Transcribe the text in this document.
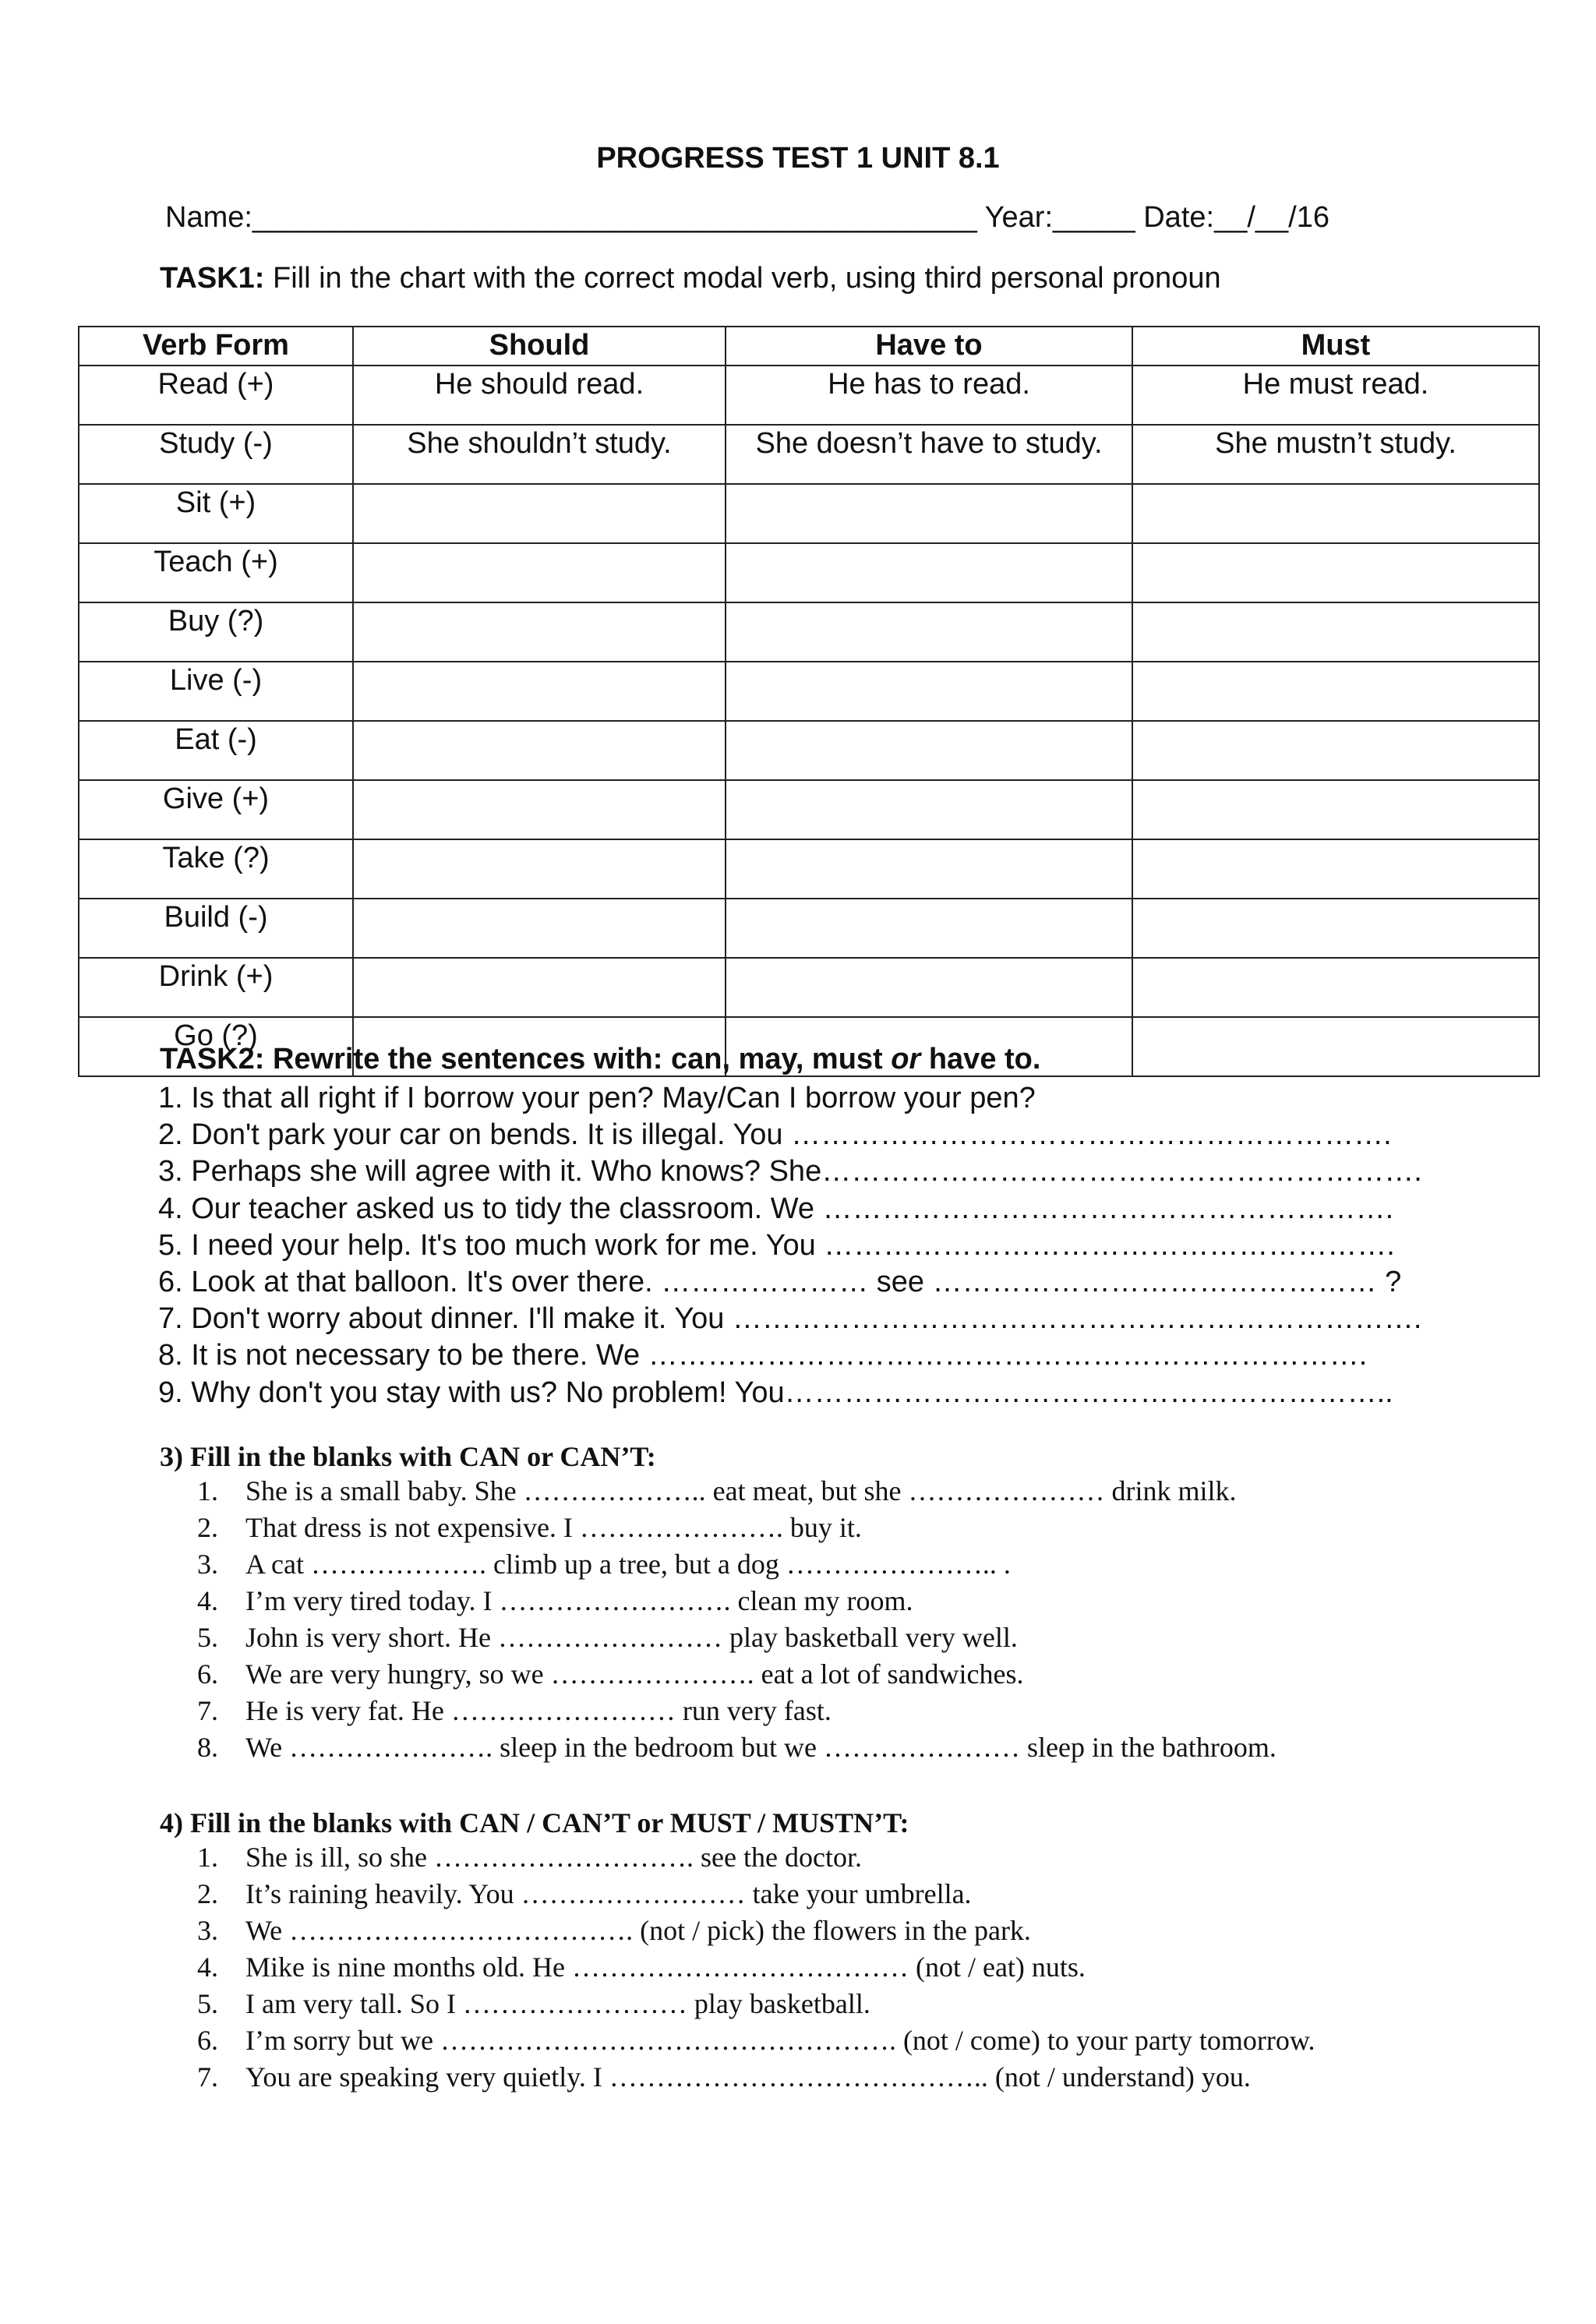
PROGRESS TEST 1 UNIT 8.1
Name:____________________________________________ Year:_____ Date:__/__/16
TASK1: Fill in the chart with the correct modal verb, using third personal pronoun
Verb Form	Should	Have to	Must
Read (+)	He should read.	He has to read.	He must read.
Study (-)	She shouldn’t study.	She doesn’t have to study.	She mustn’t study.
Sit (+)			
Teach (+)			
Buy (?)			
Live (-)			
Eat (-)			
Give (+)			
Take (?)			
Build (-)			
Drink (+)			
Go (?)			
TASK2: Rewrite the sentences with: can, may, must or have to.
1. Is that all right if I borrow your pen? May/Can I borrow your pen?
2. Don't park your car on bends. It is illegal. You …………………………………………………….
3. Perhaps she will agree with it. Who knows? She…………………………………………………….
4. Our teacher asked us to tidy the classroom. We ………………………………………………….
5. I need your help. It's too much work for me. You ………………………………………………….
6. Look at that balloon. It's over there. ………………… see ……………………………………… ?
7. Don't worry about dinner. I'll make it. You …………………………………………………………….
8. It is not necessary to be there. We ……………………………………………………………….
9. Why don't you stay with us? No problem! You……………………………………………………..
3) Fill in the blanks with CAN or CAN’T:
1. She is a small baby. She ……………….. eat meat, but she ………………… drink milk.
2. That dress is not expensive. I …………………. buy it.
3. A cat ………………. climb up a tree, but a dog ………………….. .
4. I’m very tired today. I ……………………. clean my room.
5. John is very short. He …………………… play basketball very well.
6. We are very hungry, so we …………………. eat a lot of sandwiches.
7. He is very fat. He …………………… run very fast.
8. We …………………. sleep in the bedroom but we ………………… sleep in the bathroom.
4) Fill in the blanks with CAN / CAN’T or MUST / MUSTN’T:
1. She is ill, so she ………………………. see the doctor.
2. It’s raining heavily. You …………………… take your umbrella.
3. We ………………………………. (not / pick) the flowers in the park.
4. Mike is nine months old. He ……………………………… (not / eat) nuts.
5. I am very tall. So I …………………… play basketball.
6. I’m sorry but we …………………………………………. (not / come) to your party tomorrow.
7. You are speaking very quietly. I ………………………………….. (not / understand) you.
